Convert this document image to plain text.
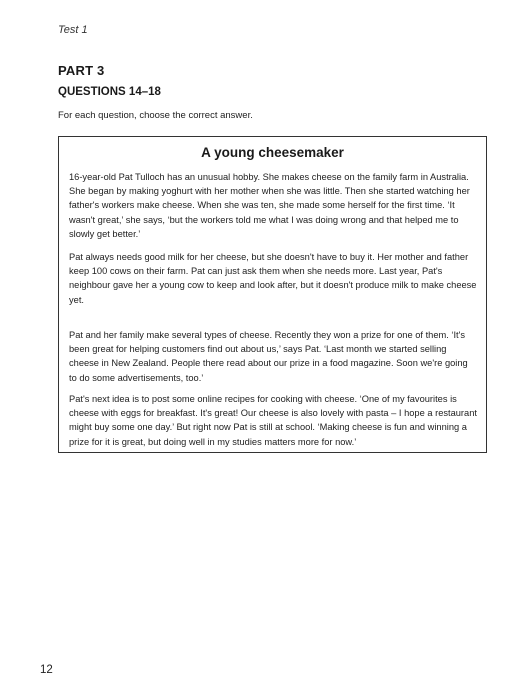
Test 1
PART 3
QUESTIONS 14–18
For each question, choose the correct answer.
A young cheesemaker

16-year-old Pat Tulloch has an unusual hobby. She makes cheese on the family farm in Australia. She began by making yoghurt with her mother when she was little. Then she started watching her father's workers make cheese. When she was ten, she made some herself for the first time. ‘It wasn't great,’ she says, ‘but the workers told me what I was doing wrong and that helped me to slowly get better.’

Pat always needs good milk for her cheese, but she doesn't have to buy it. Her mother and father keep 100 cows on their farm. Pat can just ask them when she needs more. Last year, Pat's neighbour gave her a young cow to keep and look after, but it doesn't produce milk to make cheese yet.

Pat and her family make several types of cheese. Recently they won a prize for one of them. ‘It's been great for helping customers find out about us,’ says Pat. ‘Last month we started selling cheese in New Zealand. People there read about our prize in a food magazine. Soon we're going to do some advertisements, too.’

Pat's next idea is to post some online recipes for cooking with cheese. ‘One of my favourites is cheese with eggs for breakfast. It's great! Our cheese is also lovely with pasta – I hope a restaurant might buy some one day.’ But right now Pat is still at school. ‘Making cheese is fun and winning a prize for it is great, but doing well in my studies matters more for now.’

12
